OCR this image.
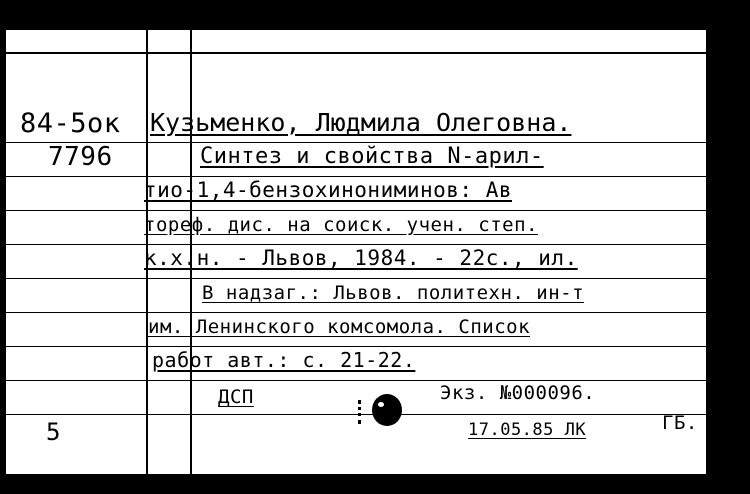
84-5ок
7796
Кузьменко, Людмила Олеговна.
Синтез и свойства N-арил-
тио-1,4-бензохинониминов: Ав
тореф. дис. на соиск. учен. степ.
к.х.н. - Львов, 1984. - 22с., ил.
В надзаг.: Львов. политехн. ин-т
им. Ленинского комсомола. Список
работ авт.: с. 21-22.
ДСП	Экз. №000096.
5	17.05.85 ЛК	ГБ.
